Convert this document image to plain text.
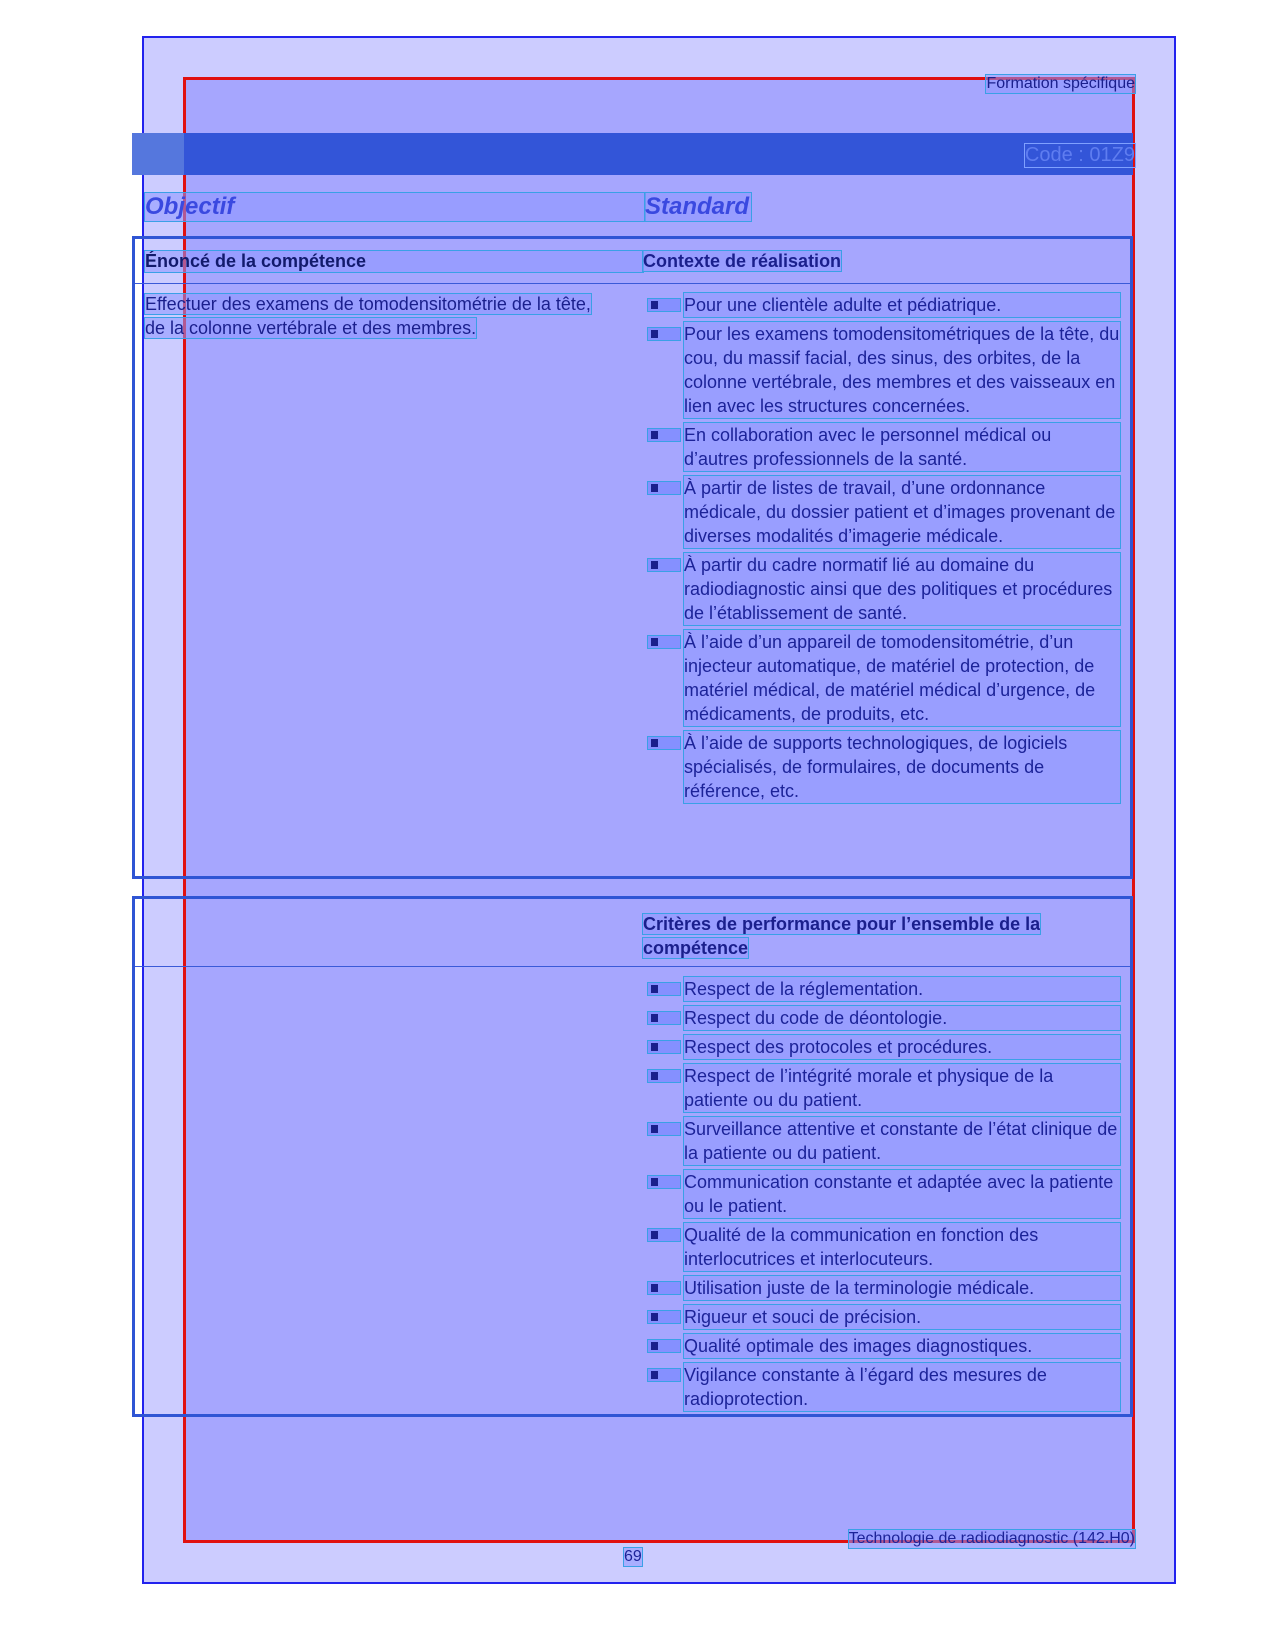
Formation spécifique
Code : 01Z9
Objectif	Standard
Énoncé de la compétence	Contexte de réalisation
Effectuer des examens de tomodensitométrie de la tête, de la colonne vertébrale et des membres.
Pour une clientèle adulte et pédiatrique.
Pour les examens tomodensitométriques de la tête, du cou, du massif facial, des sinus, des orbites, de la colonne vertébrale, des membres et des vaisseaux en lien avec les structures concernées.
En collaboration avec le personnel médical ou d’autres professionnels de la santé.
À partir de listes de travail, d’une ordonnance médicale, du dossier patient et d’images provenant de diverses modalités d’imagerie médicale.
À partir du cadre normatif lié au domaine du radiodiagnostic ainsi que des politiques et procédures de l’établissement de santé.
À l’aide d’un appareil de tomodensitométrie, d’un injecteur automatique, de matériel de protection, de matériel médical, de matériel médical d’urgence, de médicaments, de produits, etc.
À l’aide de supports technologiques, de logiciels spécialisés, de formulaires, de documents de référence, etc.
Critères de performance pour l’ensemble de la compétence
Respect de la réglementation.
Respect du code de déontologie.
Respect des protocoles et procédures.
Respect de l’intégrité morale et physique de la patiente ou du patient.
Surveillance attentive et constante de l’état clinique de la patiente ou du patient.
Communication constante et adaptée avec la patiente ou le patient.
Qualité de la communication en fonction des interlocutrices et interlocuteurs.
Utilisation juste de la terminologie médicale.
Rigueur et souci de précision.
Qualité optimale des images diagnostiques.
Vigilance constante à l’égard des mesures de radioprotection.
Technologie de radiodiagnostic (142.H0)
69
